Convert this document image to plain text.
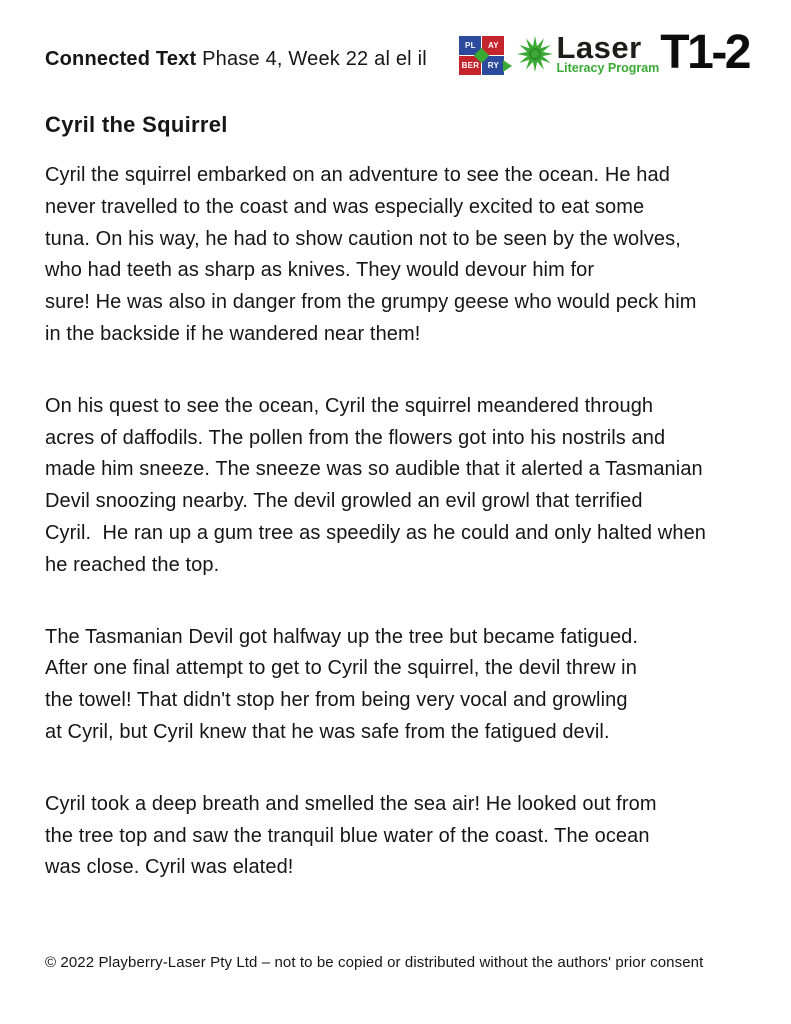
Connected Text Phase 4, Week 22 al el il
PL	AY
BER	RY
Laser
Literacy Program T1-2
Cyril the Squirrel
Cyril the squirrel embarked on an adventure to see the ocean. He had
never travelled to the coast and was especially excited to eat some
tuna. On his way, he had to show caution not to be seen by the wolves,
who had teeth as sharp as knives. They would devour him for
sure! He was also in danger from the grumpy geese who would peck him
in the backside if he wandered near them!
On his quest to see the ocean, Cyril the squirrel meandered through
acres of daffodils. The pollen from the flowers got into his nostrils and
made him sneeze. The sneeze was so audible that it alerted a Tasmanian
Devil snoozing nearby. The devil growled an evil growl that terrified
Cyril.  He ran up a gum tree as speedily as he could and only halted when
he reached the top.
The Tasmanian Devil got halfway up the tree but became fatigued.
After one final attempt to get to Cyril the squirrel, the devil threw in
the towel! That didn't stop her from being very vocal and growling
at Cyril, but Cyril knew that he was safe from the fatigued devil.
Cyril took a deep breath and smelled the sea air! He looked out from
the tree top and saw the tranquil blue water of the coast. The ocean
was close. Cyril was elated!
© 2022 Playberry-Laser Pty Ltd – not to be copied or distributed without the authors' prior consent
